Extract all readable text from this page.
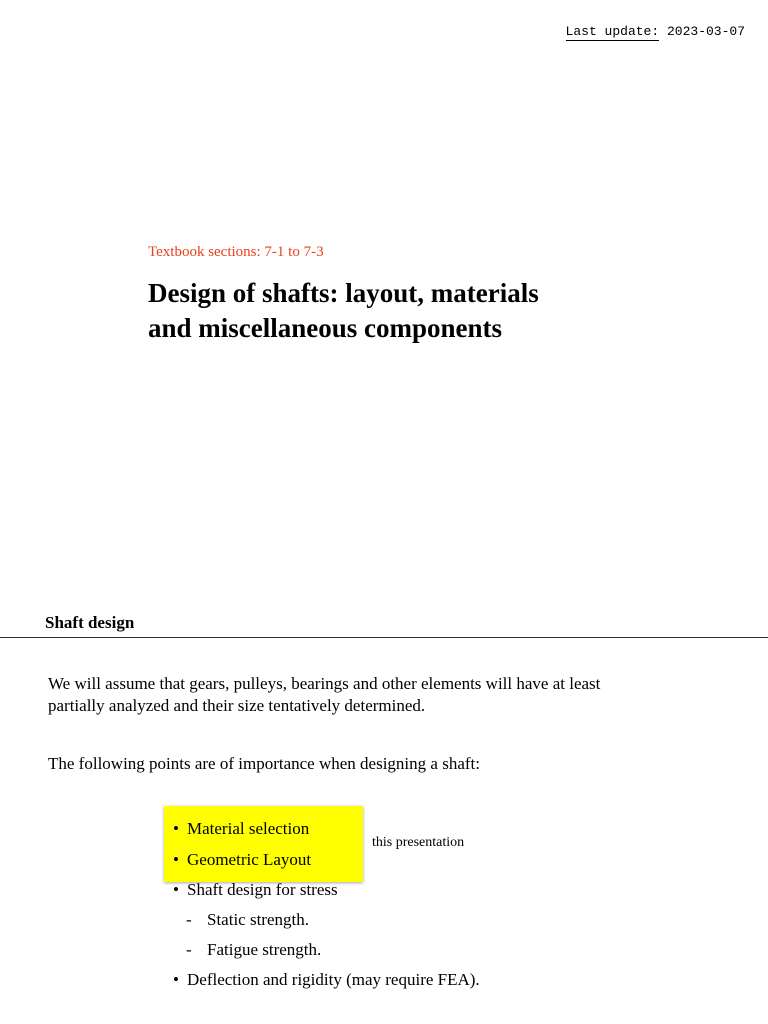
Last update: 2023-03-07
Textbook sections: 7-1 to 7-3
Design of shafts: layout, materials
and miscellaneous components
Shaft design

We will assume that gears, pulleys, bearings and other elements will have at least
partially analyzed and their size tentatively determined.

The following points are of importance when designing a shaft:

this presentation
• Material selection
• Geometric Layout
• Shaft design for stress
- Static strength.
- Fatigue strength.
• Deflection and rigidity (may require FEA).
